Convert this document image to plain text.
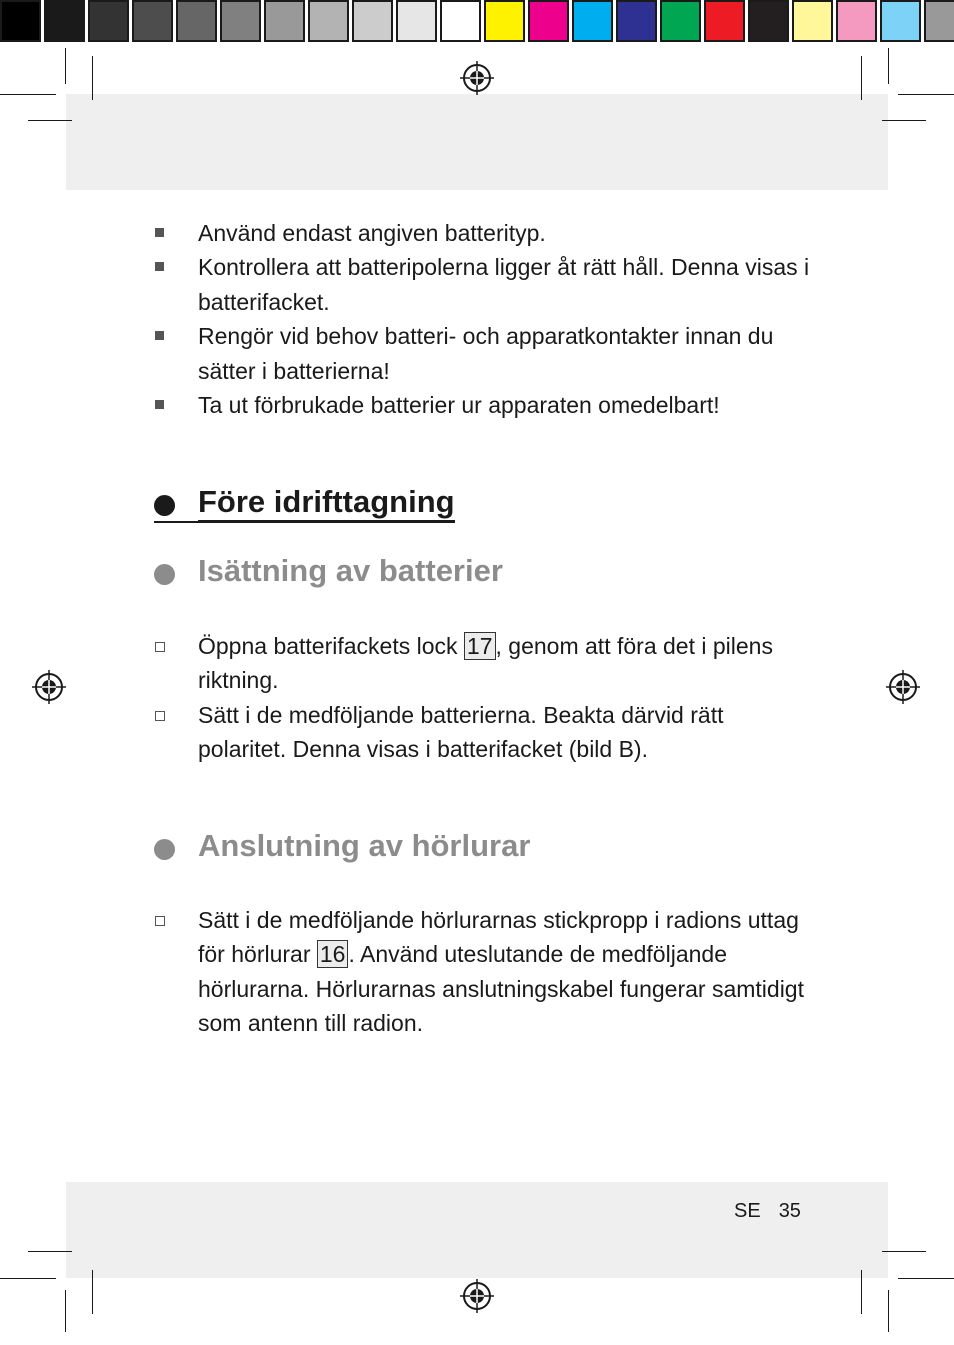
Använd endast angiven batterityp.
Kontrollera att batteripolerna ligger åt rätt håll. Denna visas i batterifacket.
Rengör vid behov batteri- och apparatkontakter innan du sätter i batterierna!
Ta ut förbrukade batterier ur apparaten omedelbart!
Före idrifttagning
Isättning av batterier
Öppna batterifackets lock 17 , genom att föra det i pilens riktning.
Sätt i de medföljande batterierna. Beakta därvid rätt polaritet. Denna visas i batterifacket (bild B).
Anslutning av hörlurar
Sätt i de medföljande hörlurarnas stickpropp i radions uttag för hörlurar 16 . Använd uteslutande de medföljande hörlurarna. Hörlurarnas anslutningskabel fungerar samtidigt som antenn till radion.
SE 35
